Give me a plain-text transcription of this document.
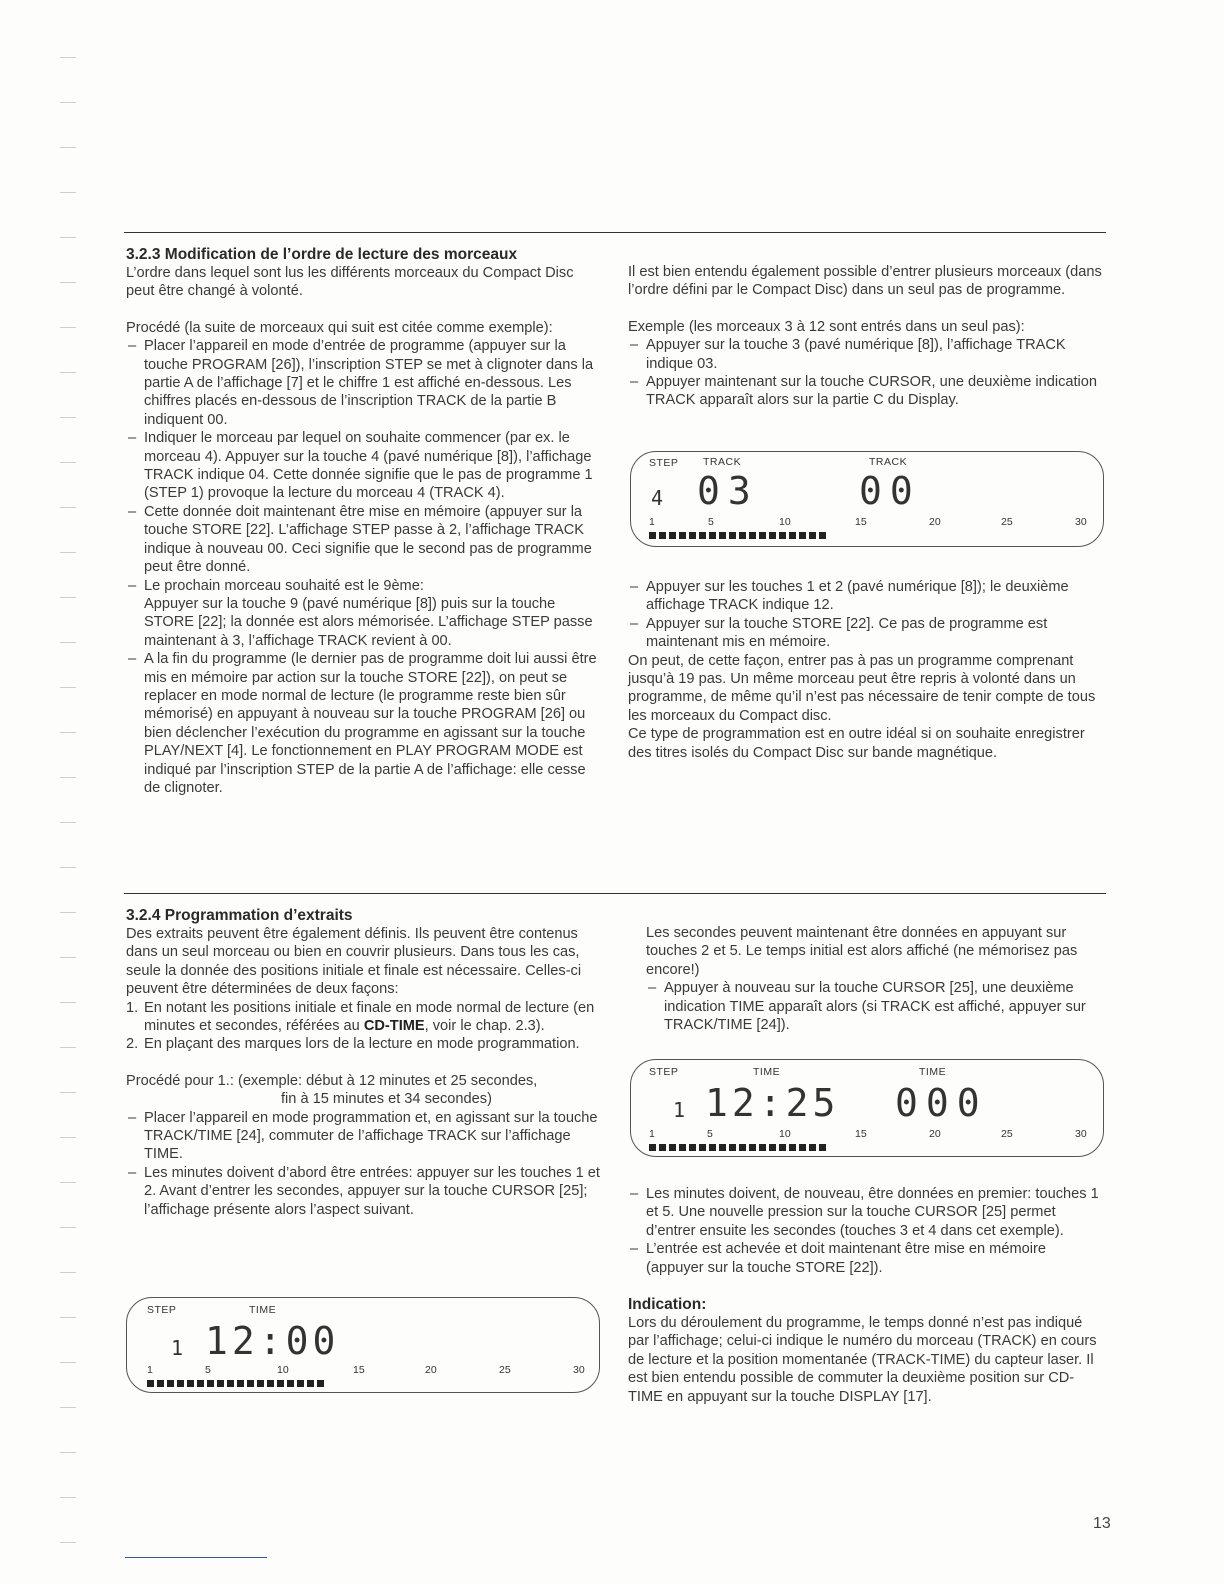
3.2.3 Modification de l’ordre de lecture des morceaux

L’ordre dans lequel sont lus les différents morceaux du Compact Disc peut être changé à volonté.

Procédé (la suite de morceaux qui suit est citée comme exemple):

– Placer l’appareil en mode d’entrée de programme (appuyer sur la touche PROGRAM [26]), l’inscription STEP se met à clignoter dans la partie A de l’affichage [7] et le chiffre 1 est affiché en-dessous. Les chiffres placés en-dessous de l’inscription TRACK de la partie B indiquent 00.

– Indiquer le morceau par lequel on souhaite commencer (par ex. le morceau 4). Appuyer sur la touche 4 (pavé numérique [8]), l’affichage TRACK indique 04. Cette donnée signifie que le pas de programme 1 (STEP 1) provoque la lecture du morceau 4 (TRACK 4).

– Cette donnée doit maintenant être mise en mémoire (appuyer sur la touche STORE [22]. L’affichage STEP passe à 2, l’affichage TRACK indique à nouveau 00. Ceci signifie que le second pas de programme peut être donné.

– Le prochain morceau souhaité est le 9ème:

Appuyer sur la touche 9 (pavé numérique [8]) puis sur la touche STORE [22]; la donnée est alors mémorisée. L’affichage STEP passe maintenant à 3, l’affichage TRACK revient à 00.

– A la fin du programme (le dernier pas de programme doit lui aussi être mis en mémoire par action sur la touche STORE [22]), on peut se replacer en mode normal de lecture (le programme reste bien sûr mémorisé) en appuyant à nouveau sur la touche PROGRAM [26] ou bien déclencher l’exécution du programme en agissant sur la touche PLAY/NEXT [4]. Le fonctionnement en PLAY PROGRAM MODE est indiqué par l’inscription STEP de la partie A de l’affichage: elle cesse de clignoter.

Il est bien entendu également possible d’entrer plusieurs morceaux (dans l’ordre défini par le Compact Disc) dans un seul pas de programme.

Exemple (les morceaux 3 à 12 sont entrés dans un seul pas):

– Appuyer sur la touche 3 (pavé numérique [8]), l’affichage TRACK indique 03.

– Appuyer maintenant sur la touche CURSOR, une deuxième indication TRACK apparaît alors sur la partie C du Display.

STEP TRACK	TRACK
4 03	00
1	5	10	15	20	25	30

– Appuyer sur les touches 1 et 2 (pavé numérique [8]); le deuxième affichage TRACK indique 12.

– Appuyer sur la touche STORE [22]. Ce pas de programme est maintenant mis en mémoire.

On peut, de cette façon, entrer pas à pas un programme comprenant jusqu’à 19 pas. Un même morceau peut être repris à volonté dans un programme, de même qu’il n’est pas nécessaire de tenir compte de tous les morceaux du Compact disc.

Ce type de programmation est en outre idéal si on souhaite enregistrer des titres isolés du Compact Disc sur bande magnétique.

3.2.4 Programmation d’extraits

Des extraits peuvent être également définis. Ils peuvent être contenus dans un seul morceau ou bien en couvrir plusieurs. Dans tous les cas, seule la donnée des positions initiale et finale est nécessaire. Celles-ci peuvent être déterminées de deux façons:

1. En notant les positions initiale et finale en mode normal de lecture (en minutes et secondes, référées au CD-TIME, voir le chap. 2.3).

2. En plaçant des marques lors de la lecture en mode programmation.

Procédé pour 1.: (exemple: début à 12 minutes et 25 secondes,

fin à 15 minutes et 34 secondes)

– Placer l’appareil en mode programmation et, en agissant sur la touche TRACK/TIME [24], commuter de l’affichage TRACK sur l’affichage TIME.

– Les minutes doivent d’abord être entrées: appuyer sur les touches 1 et 2. Avant d’entrer les secondes, appuyer sur la touche CURSOR [25]; l’affichage présente alors l’aspect suivant.

STEP	TIME
1 12:00
1	5	10	15	20	25	30

Les secondes peuvent maintenant être données en appuyant sur touches 2 et 5. Le temps initial est alors affiché (ne mémorisez pas encore!)

– Appuyer à nouveau sur la touche CURSOR [25], une deuxième indication TIME apparaît alors (si TRACK est affiché, appuyer sur TRACK/TIME [24]).

STEP	TIME	TIME
1 12:25 000
1	5	10	15	20	25	30

– Les minutes doivent, de nouveau, être données en premier: touches 1 et 5. Une nouvelle pression sur la touche CURSOR [25] permet d’entrer ensuite les secondes (touches 3 et 4 dans cet exemple).

– L’entrée est achevée et doit maintenant être mise en mémoire (appuyer sur la touche STORE [22]).

Indication:

Lors du déroulement du programme, le temps donné n’est pas indiqué par l’affichage; celui-ci indique le numéro du morceau (TRACK) en cours de lecture et la position momentanée (TRACK-TIME) du capteur laser. Il est bien entendu possible de commuter la deuxième position sur CD-TIME en appuyant sur la touche DISPLAY [17].

13
